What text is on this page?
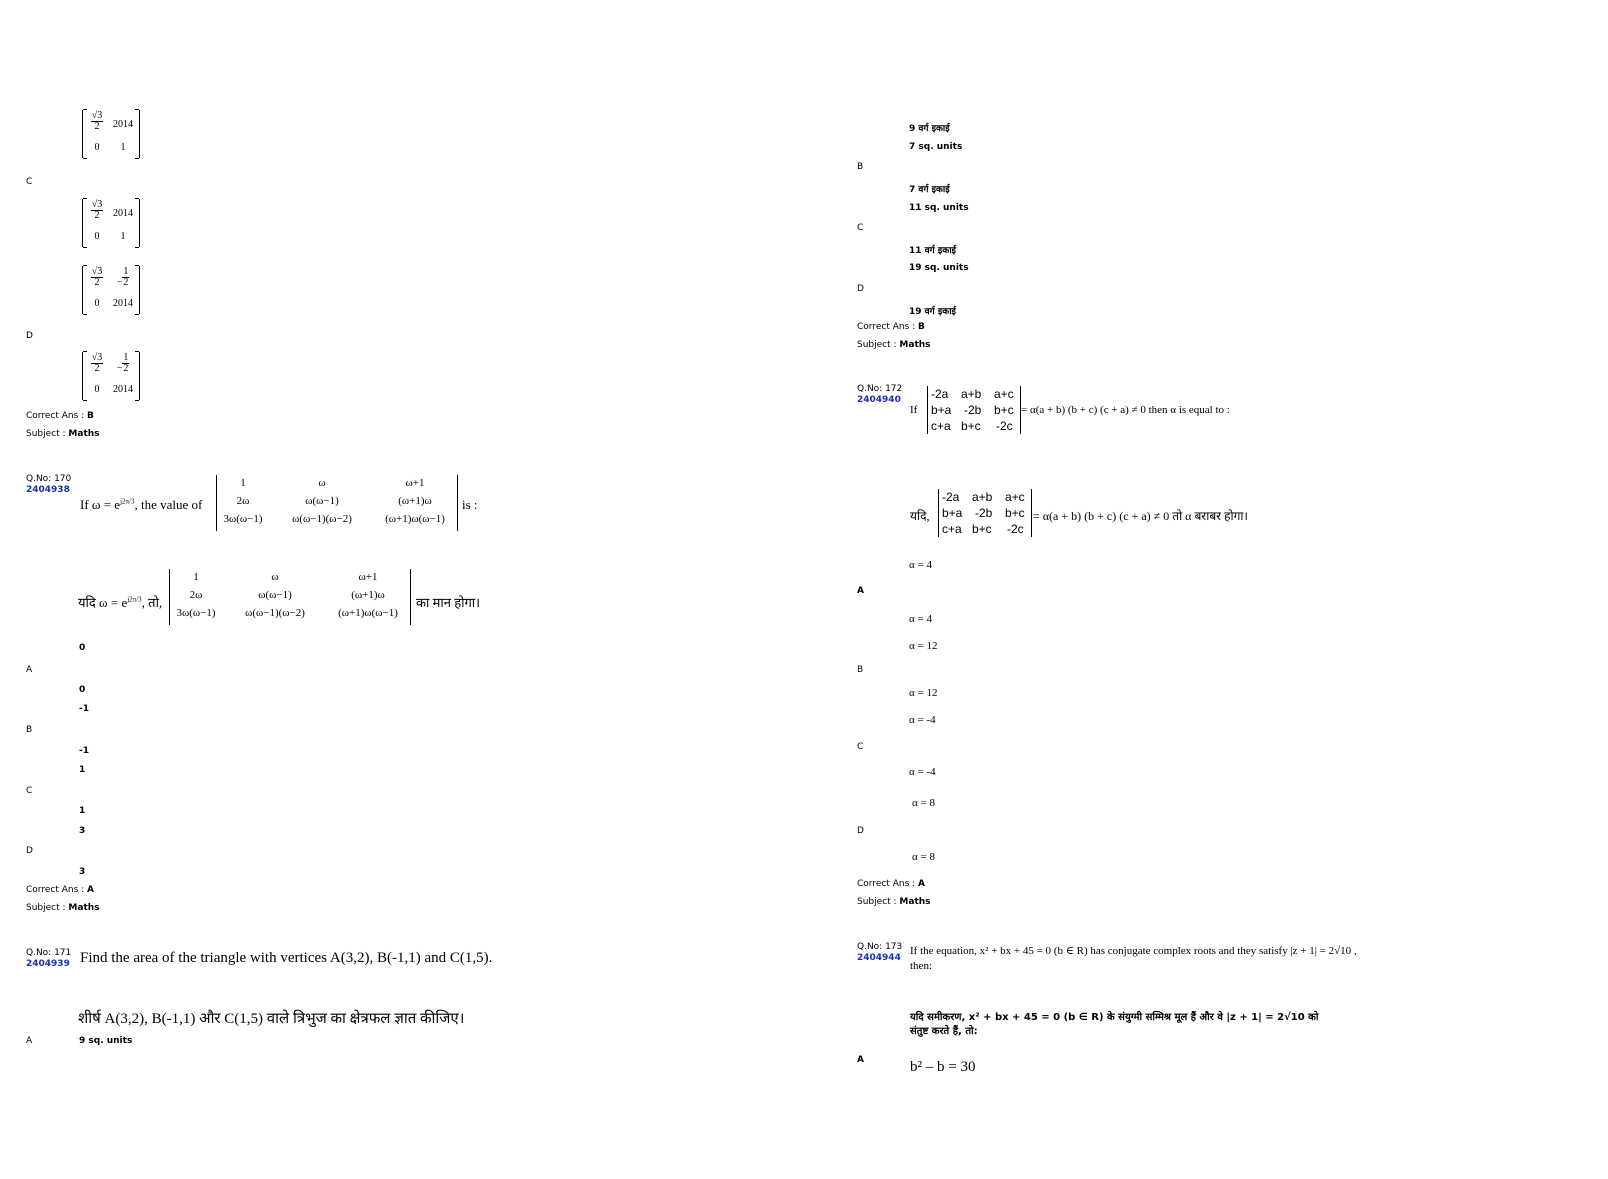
$\frac{√3}{2} 2014$
0	1
C
$\frac{√3}{2} 2014$
0	1
$\frac{√3}{2}$	− $\frac{1}{2}$
0	2014
D
$\frac{√3}{2}$	− $\frac{1}{2}$
0	2014
Correct Ans : B
Subject : Maths
Q.No: 170
2404938
If $\omega = e^{j2\pi/3}$, the value of
1	ω	ω+1
2ω	ω(ω−1)	(ω+1)ω
3ω(ω−1)	ω(ω−1)(ω−2)	(ω+1)ω(ω−1)
is :
यदि $\omega = e^{j2\pi/3}$, तो,
1	ω	ω+1
2ω	ω(ω−1)	(ω+1)ω
3ω(ω−1)	ω(ω−1)(ω−2)	(ω+1)ω(ω−1)
का मान होगा।
0
A
0
-1
B
-1
1
C
1
3
D
3
Correct Ans : A
Subject : Maths
Q.No: 171
2404939 Find the area of the triangle with vertices A(3,2), B(-1,1) and C(1,5).
शीर्ष A(3,2), B(-1,1) और C(1,5) वाले त्रिभुज का क्षेत्रफल ज्ञात कीजिए।
A	9 sq. units
9 वर्ग इकाई
7 sq. units
B
7 वर्ग इकाई
11 sq. units
C
11 वर्ग इकाई
19 sq. units
D
19 वर्ग इकाई
Correct Ans : B
Subject : Maths
Q.No: 172
2404940
If
-2a a+b a+c
b+a -2b b+c
c+a b+c -2c
= α(a + b) (b + c) (c + a) ≠ 0 then α is equal to :
यदि,
-2a a+b a+c
b+a -2b b+c
c+a b+c -2c
= α(a + b) (b + c) (c + a) ≠ 0 तो α बराबर होगा।
α = 4
A
α = 4
α = 12
B
α = 12
α = -4
C
α = -4
α = 8
D
α = 8
Correct Ans : A
Subject : Maths
Q.No: 173
2404944
If the equation, x² + bx + 45 = 0 (b ∈ R) has conjugate complex roots and they satisfy |z + 1| = 2√10 ,
then:
यदि समीकरण, x² + bx + 45 = 0 (b ∈ R) के संयुग्मी सम्मिश्र मूल हैं और वे |z + 1| = 2√10 को
संतुष्ट करते हैं, तो:
A	b² – b = 30
